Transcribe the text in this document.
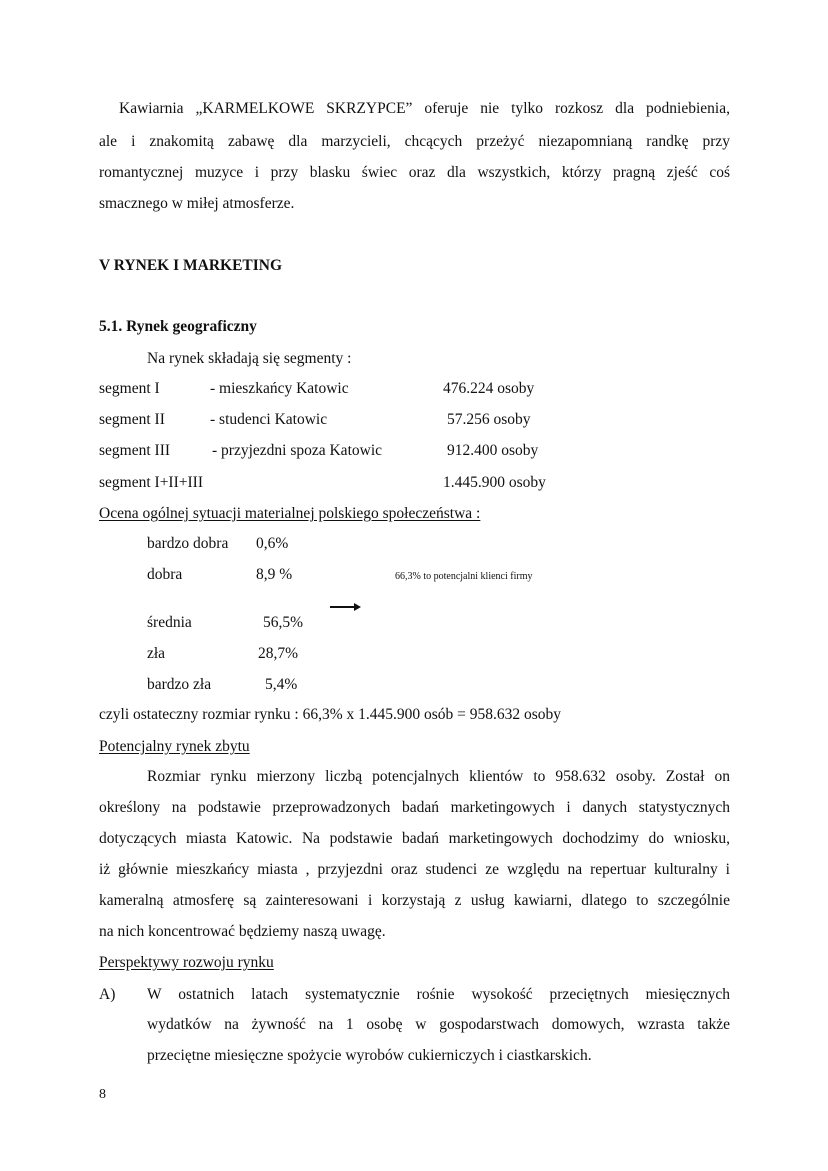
Kawiarnia „KARMELKOWE SKRZYPCE” oferuje nie tylko rozkosz dla podniebienia,
ale i znakomitą zabawę dla marzycieli, chcących przeżyć niezapomnianą randkę przy
romantycznej muzyce i przy blasku świec oraz dla wszystkich, którzy pragną zjeść coś
smacznego w miłej atmosferze.
V RYNEK I MARKETING
5.1. Rynek geograficzny
Na rynek składają się segmenty :
segment I	- mieszkańcy Katowic	476.224 osoby
segment II	- studenci Katowic	57.256 osoby
segment III	- przyjezdni spoza Katowic	912.400 osoby
segment I+II+III	1.445.900 osoby
Ocena ogólnej sytuacji materialnej polskiego społeczeństwa :
bardzo dobra 0,6%
dobra	8,9 %
średnia	56,5%
zła	28,7%
bardzo zła	5,4%
66,3% to potencjalni klienci firmy
czyli ostateczny rozmiar rynku : 66,3% x 1.445.900 osób = 958.632 osoby
Potencjalny rynek zbytu
Rozmiar rynku mierzony liczbą potencjalnych klientów to 958.632 osoby. Został on
określony na podstawie przeprowadzonych badań marketingowych i danych statystycznych
dotyczących miasta Katowic. Na podstawie badań marketingowych dochodzimy do wniosku,
iż głównie mieszkańcy miasta , przyjezdni oraz studenci ze względu na repertuar kulturalny i
kameralną atmosferę są zainteresowani i korzystają z usług kawiarni, dlatego to szczególnie
na nich koncentrować będziemy naszą uwagę.
Perspektywy rozwoju rynku
A) W ostatnich latach systematycznie rośnie wysokość przeciętnych miesięcznych
wydatków na żywność na 1 osobę w gospodarstwach domowych, wzrasta także
przeciętne miesięczne spożycie wyrobów cukierniczych i ciastkarskich.
8
